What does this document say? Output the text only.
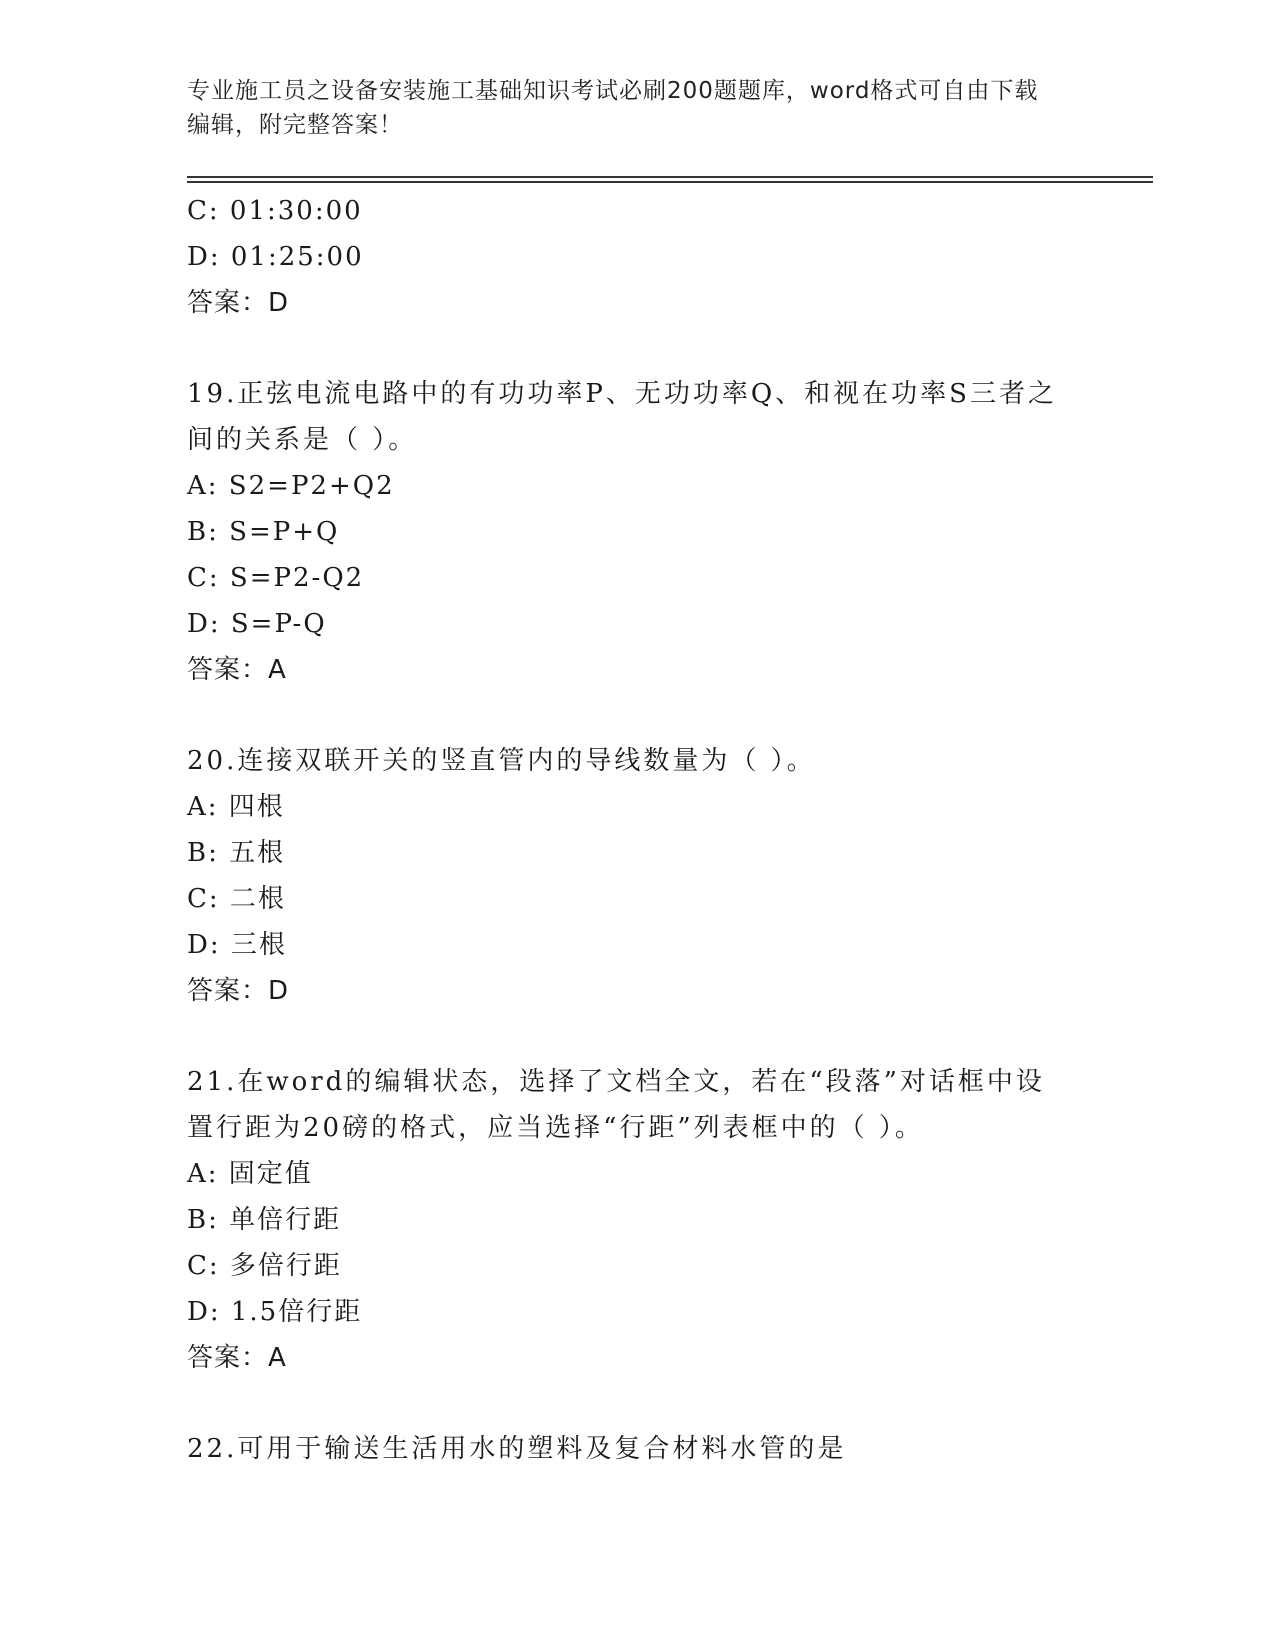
专业施工员之设备安装施工基础知识考试必刷200题题库，word格式可自由下载
编辑，附完整答案！
C: 01:30:00
D: 01:25:00
答案：D
19.正弦电流电路中的有功功率P、无功功率Q、和视在功率S三者之
间的关系是（ ）。
A: S2=P2+Q2
B: S=P+Q
C: S=P2-Q2
D: S=P-Q
答案：A
20.连接双联开关的竖直管内的导线数量为（ ）。
A: 四根
B: 五根
C: 二根
D: 三根
答案：D
21.在word的编辑状态，选择了文档全文，若在“段落”对话框中设
置行距为20磅的格式，应当选择“行距”列表框中的（ ）。
A: 固定值
B: 单倍行距
C: 多倍行距
D: 1.5倍行距
答案：A
22.可用于输送生活用水的塑料及复合材料水管的是
